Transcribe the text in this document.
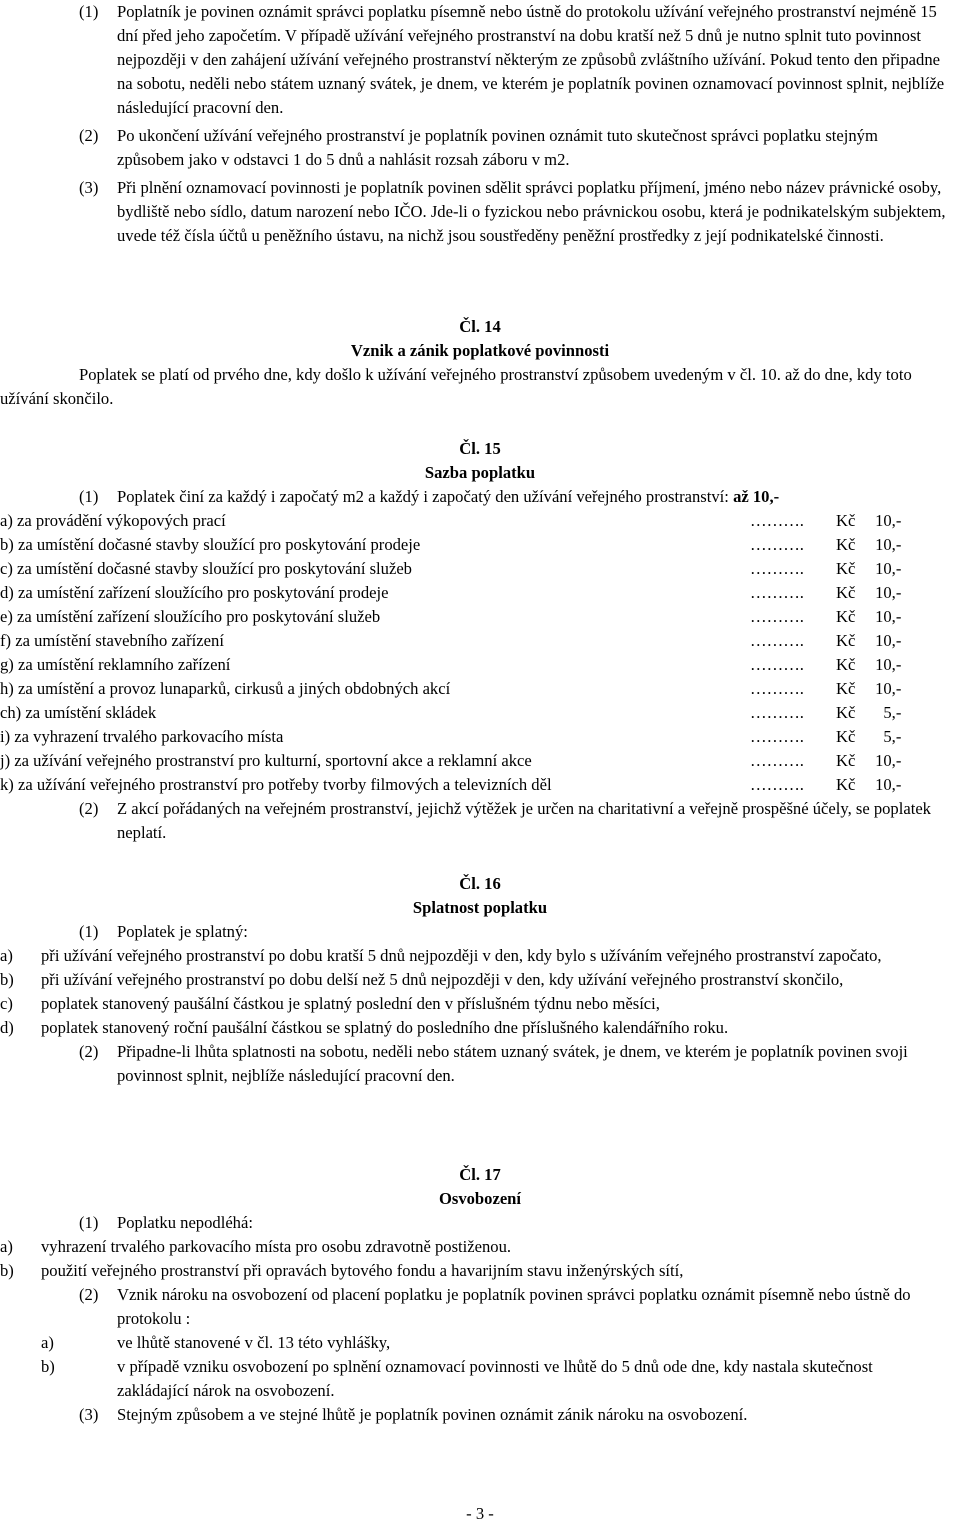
(1) Poplatník je povinen oznámit správci poplatku písemně nebo ústně do protokolu užívání veřejného prostranství nejméně 15 dní před jeho započetím. V případě užívání veřejného prostranství na dobu kratší než 5 dnů je nutno splnit tuto povinnost nejpozději v den zahájení užívání veřejného prostranství některým ze způsobů zvláštního užívání. Pokud tento den připadne na sobotu, neděli nebo státem uznaný svátek, je dnem, ve kterém je poplatník povinen oznamovací povinnost splnit, nejblíže následující pracovní den.

(2) Po ukončení užívání veřejného prostranství je poplatník povinen oznámit tuto skutečnost správci poplatku stejným způsobem jako v odstavci 1 do 5 dnů a nahlásit rozsah záboru v m2.

(3) Při plnění oznamovací povinnosti je poplatník povinen sdělit správci poplatku příjmení, jméno nebo název právnické osoby, bydliště nebo sídlo, datum narození nebo IČO. Jde-li o fyzickou nebo právnickou osobu, která je podnikatelským subjektem, uvede též čísla účtů u peněžního ústavu, na nichž jsou soustředěny peněžní prostředky z její podnikatelské činnosti.

Čl. 14

Vznik a zánik poplatkové povinnosti

Poplatek se platí od prvého dne, kdy došlo k užívání veřejného prostranství způsobem uvedeným v čl. 10. až do dne, kdy toto užívání skončilo.

Čl. 15

Sazba poplatku

(1) Poplatek činí za každý i započatý m2 a každý i započatý den užívání veřejného prostranství: až 10,-

a) za provádění výkopových prací	……….	Kč 10,-
b) za umístění dočasné stavby sloužící pro poskytování prodeje	……….	Kč 10,-
c) za umístění dočasné stavby sloužící pro poskytování služeb	……….	Kč 10,-
d) za umístění zařízení sloužícího pro poskytování prodeje	……….	Kč 10,-
e) za umístění zařízení sloužícího pro poskytování služeb	……….	Kč 10,-
f) za umístění stavebního zařízení	……….	Kč 10,-
g) za umístění reklamního zařízení	……….	Kč 10,-
h) za umístění a provoz lunaparků, cirkusů a jiných obdobných akcí	……….	Kč 10,-
ch) za umístění skládek	……….	Kč 5,-
i) za vyhrazení trvalého parkovacího místa	……….	Kč 5,-
j) za užívání veřejného prostranství pro kulturní, sportovní akce a reklamní akce	……….	Kč 10,-
k) za užívání veřejného prostranství pro potřeby tvorby filmových a televizních děl	……….	Kč 10,-

(2) Z akcí pořádaných na veřejném prostranství, jejichž výtěžek je určen na charitativní a veřejně prospěšné účely, se poplatek neplatí.

Čl. 16

Splatnost poplatku

(1) Poplatek je splatný:

a) při užívání veřejného prostranství po dobu kratší 5 dnů nejpozději v den, kdy bylo s užíváním veřejného prostranství započato,

b) při užívání veřejného prostranství po dobu delší než 5 dnů nejpozději v den, kdy užívání veřejného prostranství skončilo,

c) poplatek stanovený paušální částkou je splatný poslední den v příslušném týdnu nebo měsíci,

d) poplatek stanovený roční paušální částkou se splatný do posledního dne příslušného kalendářního roku.

(2) Připadne-li lhůta splatnosti na sobotu, neděli nebo státem uznaný svátek, je dnem, ve kterém je poplatník povinen svoji povinnost splnit, nejblíže následující pracovní den.

Čl. 17

Osvobození

(1) Poplatku nepodléhá:

a) vyhrazení trvalého parkovacího místa pro osobu zdravotně postiženou.

b) použití veřejného prostranství při opravách bytového fondu a havarijním stavu inženýrských sítí,

(2) Vznik nároku na osvobození od placení poplatku je poplatník povinen správci poplatku oznámit písemně nebo ústně do protokolu :

a)	ve lhůtě stanovené v čl. 13 této vyhlášky,

b)	v případě vzniku osvobození po splnění oznamovací povinnosti ve lhůtě do 5 dnů ode dne, kdy nastala skutečnost zakládající nárok na osvobození.

(3) Stejným způsobem a ve stejné lhůtě je poplatník povinen oznámit zánik nároku na osvobození.

- 3 -
